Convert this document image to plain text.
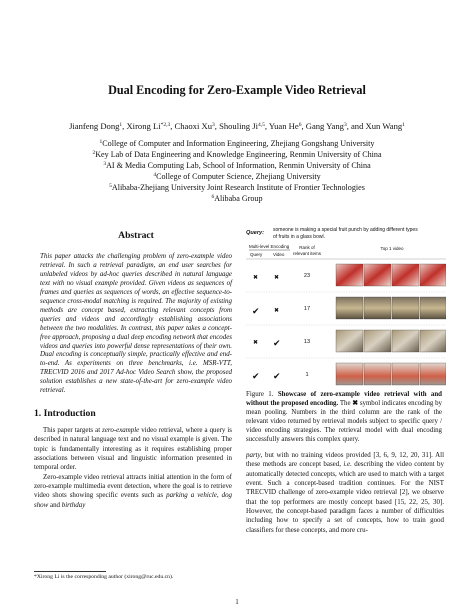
Dual Encoding for Zero-Example Video Retrieval
Jianfeng Dong$^1$, Xirong Li$^{*2,3}$, Chaoxi Xu$^3$, Shouling Ji$^{4,5}$, Yuan He$^6$, Gang Yang$^3$, and Xun Wang$^1$
$^1$College of Computer and Information Engineering, Zhejiang Gongshang University
$^2$Key Lab of Data Engineering and Knowledge Engineering, Renmin University of China
$^3$AI & Media Computing Lab, School of Information, Renmin University of China
$^4$College of Computer Science, Zhejiang University
$^5$Alibaba-Zhejiang University Joint Research Institute of Frontier Technologies
$^6$Alibaba Group
Abstract
This paper attacks the challenging problem of zero-example video retrieval. In such a retrieval paradigm, an end user searches for unlabeled videos by ad-hoc queries described in natural language text with no visual example provided. Given videos as sequences of frames and queries as sequences of words, an effective sequence-to-sequence cross-modal matching is required. The majority of existing methods are concept based, extracting relevant concepts from queries and videos and accordingly establishing associations between the two modalities. In contrast, this paper takes a concept-free approach, proposing a dual deep encoding network that encodes videos and queries into powerful dense representations of their own. Dual encoding is conceptually simple, practically effective and end-to-end. As experiments on three benchmarks, i.e. MSR-VTT, TRECVID 2016 and 2017 Ad-hoc Video Search show, the proposed solution establishes a new state-of-the-art for zero-example video retrieval.
1. Introduction

This paper targets at zero-example video retrieval, where a query is described in natural language text and no visual example is given. The topic is fundamentally interesting as it requires establishing proper associations between visual and linguistic information presented in temporal order.

Zero-example video retrieval attracts initial attention in the form of zero-example multimedia event detection, where the goal is to retrieve video shots showing specific events such as parking a vehicle, dog show and birthday

party, but with no training videos provided [3, 6, 9, 12, 20, 31]. All these methods are concept based, i.e. describing the video content by automatically detected concepts, which are used to match with a target event. Such a concept-based tradition continues. For the NIST TRECVID challenge of zero-example video retrieval [2], we observe that the top performers are mostly concept based [15, 22, 25, 30]. However, the concept-based paradigm faces a number of difficulties including how to specify a set of concepts, how to train good classifiers for these concepts, and more cru-

*Xirong Li is the corresponding author (xirong@ruc.edu.cn).
1
Query: someone is making a special fruit punch by adding different types
of fruits in a glass bowl.
Multi-level Encoding
Query Video
Rank of
relevant items
Top 1 video
✖	✖	23
✔ ✖	17
✖ ✔	13
✔ ✔	1
Figure 1. Showcase of zero-example video retrieval with and without the proposed encoding. The ✖ symbol indicates encoding by mean pooling. Numbers in the third column are the rank of the relevant video returned by retrieval models subject to specific query / video encoding strategies. The retrieval model with dual encoding successfully answers this complex query.
